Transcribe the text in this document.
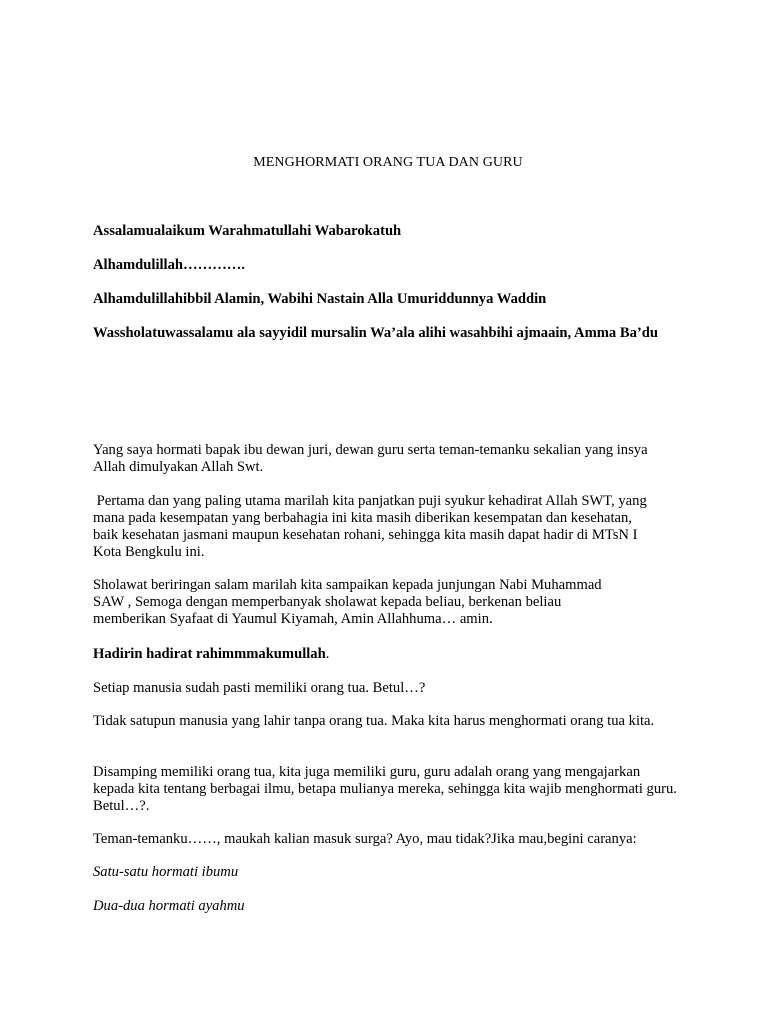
MENGHORMATI ORANG TUA DAN GURU

Assalamualaikum Warahmatullahi Wabarokatuh

Alhamdulillah………….

Alhamdulillahibbil Alamin, Wabihi Nastain Alla Umuriddunnya Waddin

Wassholatuwassalamu ala sayyidil mursalin Wa’ala alihi wasahbihi ajmaain, Amma Ba’du

Yang saya hormati bapak ibu dewan juri, dewan guru serta teman-temanku sekalian yang insya Allah dimulyakan Allah Swt.

Pertama dan yang paling utama marilah kita panjatkan puji syukur kehadirat Allah SWT, yang mana pada kesempatan yang berbahagia ini kita masih diberikan kesempatan dan kesehatan, baik kesehatan jasmani maupun kesehatan rohani, sehingga kita masih dapat hadir di MTsN I Kota Bengkulu ini.

Sholawat beriringan salam marilah kita sampaikan kepada junjungan Nabi Muhammad SAW , Semoga dengan memperbanyak sholawat kepada beliau, berkenan beliau memberikan Syafaat di Yaumul Kiyamah, Amin Allahhuma… amin.

Hadirin hadirat rahimmmakumullah.

Setiap manusia sudah pasti memiliki orang tua. Betul…?

Tidak satupun manusia yang lahir tanpa orang tua. Maka kita harus menghormati orang tua kita.

Disamping memiliki orang tua, kita juga memiliki guru, guru adalah orang yang mengajarkan kepada kita tentang berbagai ilmu, betapa mulianya mereka, sehingga kita wajib menghormati guru. Betul…?.

Teman-temanku……, maukah kalian masuk surga? Ayo, mau tidak?Jika mau,begini caranya:

Satu-satu hormati ibumu

Dua-dua hormati ayahmu
